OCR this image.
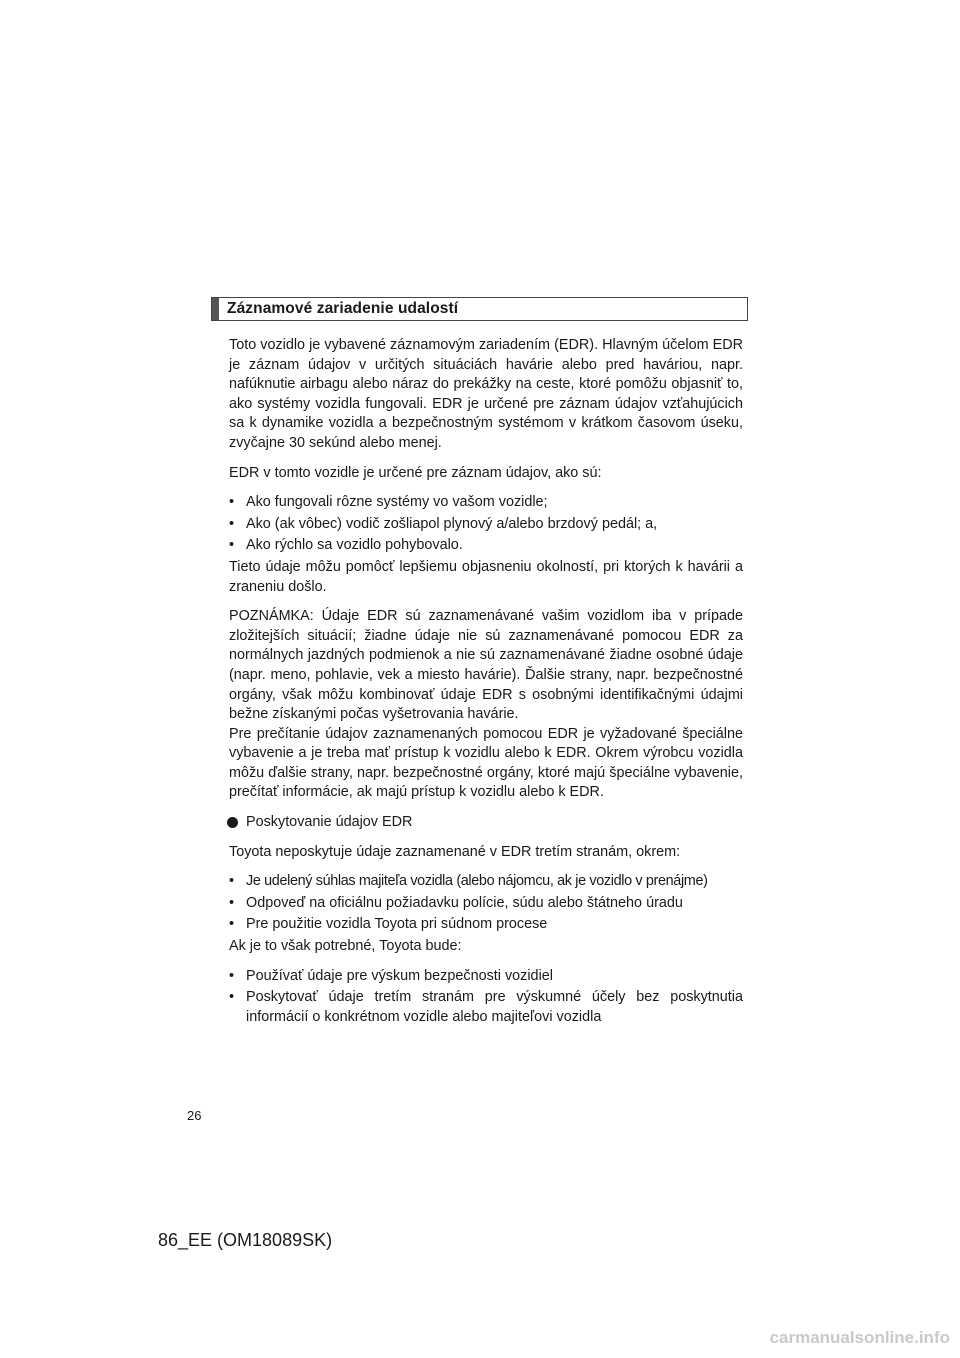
Záznamové zariadenie udalostí

Toto vozidlo je vybavené záznamovým zariadením (EDR). Hlavným účelom EDR je záznam údajov v určitých situáciách havárie alebo pred haváriou, napr. nafúknutie airbagu alebo náraz do prekážky na ceste, ktoré pomôžu objasniť to, ako systémy vozidla fungovali. EDR je určené pre záznam údajov vzťahujúcich sa k dynamike vozidla a bezpečnostným systémom v krátkom časovom úseku, zvyčajne 30 sekúnd alebo menej.

EDR v tomto vozidle je určené pre záznam údajov, ako sú:

• Ako fungovali rôzne systémy vo vašom vozidle;
• Ako (ak vôbec) vodič zošliapol plynový a/alebo brzdový pedál; a,
• Ako rýchlo sa vozidlo pohybovalo.

Tieto údaje môžu pomôcť lepšiemu objasneniu okolností, pri ktorých k havárii a zraneniu došlo.

POZNÁMKA: Údaje EDR sú zaznamenávané vašim vozidlom iba v prípade zložitejších situácií; žiadne údaje nie sú zaznamenávané pomocou EDR za normálnych jazdných podmienok a nie sú zaznamenávané žiadne osobné údaje (napr. meno, pohlavie, vek a miesto havárie). Ďalšie strany, napr. bezpečnostné orgány, však môžu kombinovať údaje EDR s osobnými identifikačnými údajmi bežne získanými počas vyšetrovania havárie.

Pre prečítanie údajov zaznamenaných pomocou EDR je vyžadované špeciálne vybavenie a je treba mať prístup k vozidlu alebo k EDR. Okrem výrobcu vozidla môžu ďalšie strany, napr. bezpečnostné orgány, ktoré majú špeciálne vybavenie, prečítať informácie, ak majú prístup k vozidlu alebo k EDR.

Poskytovanie údajov EDR

Toyota neposkytuje údaje zaznamenané v EDR tretím stranám, okrem:

• Je udelený súhlas majiteľa vozidla (alebo nájomcu, ak je vozidlo v prenájme)
• Odpoveď na oficiálnu požiadavku polície, súdu alebo štátneho úradu
• Pre použitie vozidla Toyota pri súdnom procese

Ak je to však potrebné, Toyota bude:

• Používať údaje pre výskum bezpečnosti vozidiel
• Poskytovať údaje tretím stranám pre výskumné účely bez poskytnutia informácií o konkrétnom vozidle alebo majiteľovi vozidla
26
86_EE (OM18089SK)
carmanualsonline.info
